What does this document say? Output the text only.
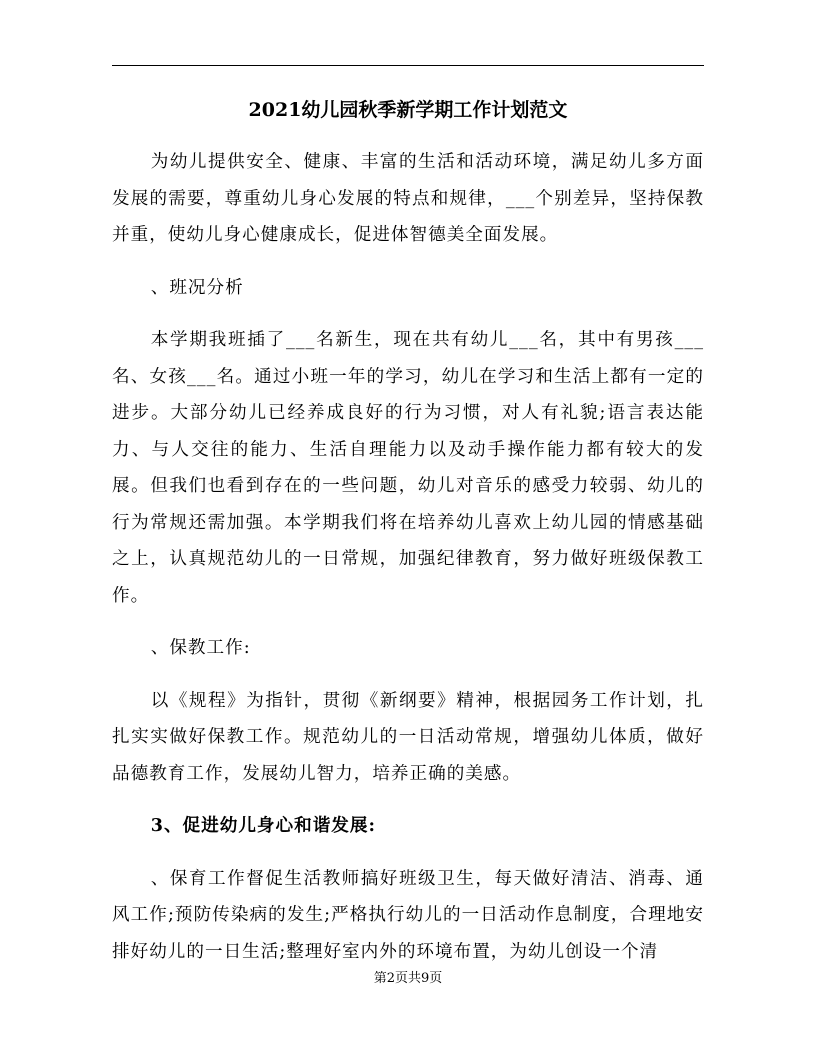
2021幼儿园秋季新学期工作计划范文

为幼儿提供安全、健康、丰富的生活和活动环境，满足幼儿多方面发展的需要，尊重幼儿身心发展的特点和规律，___个别差异，坚持保教并重，使幼儿身心健康成长，促进体智德美全面发展。

、班况分析

本学期我班插了___名新生，现在共有幼儿___名，其中有男孩___名、女孩___名。通过小班一年的学习，幼儿在学习和生活上都有一定的进步。大部分幼儿已经养成良好的行为习惯，对人有礼貌;语言表达能力、与人交往的能力、生活自理能力以及动手操作能力都有较大的发展。但我们也看到存在的一些问题，幼儿对音乐的感受力较弱、幼儿的行为常规还需加强。本学期我们将在培养幼儿喜欢上幼儿园的情感基础之上，认真规范幼儿的一日常规，加强纪律教育，努力做好班级保教工作。

、保教工作:

以《规程》为指针，贯彻《新纲要》精神，根据园务工作计划，扎扎实实做好保教工作。规范幼儿的一日活动常规，增强幼儿体质，做好品德教育工作，发展幼儿智力，培养正确的美感。

3、促进幼儿身心和谐发展:

、保育工作督促生活教师搞好班级卫生，每天做好清洁、消毒、通风工作;预防传染病的发生;严格执行幼儿的一日活动作息制度，合理地安排好幼儿的一日生活;整理好室内外的环境布置，为幼儿创设一个清

第2页共9页
